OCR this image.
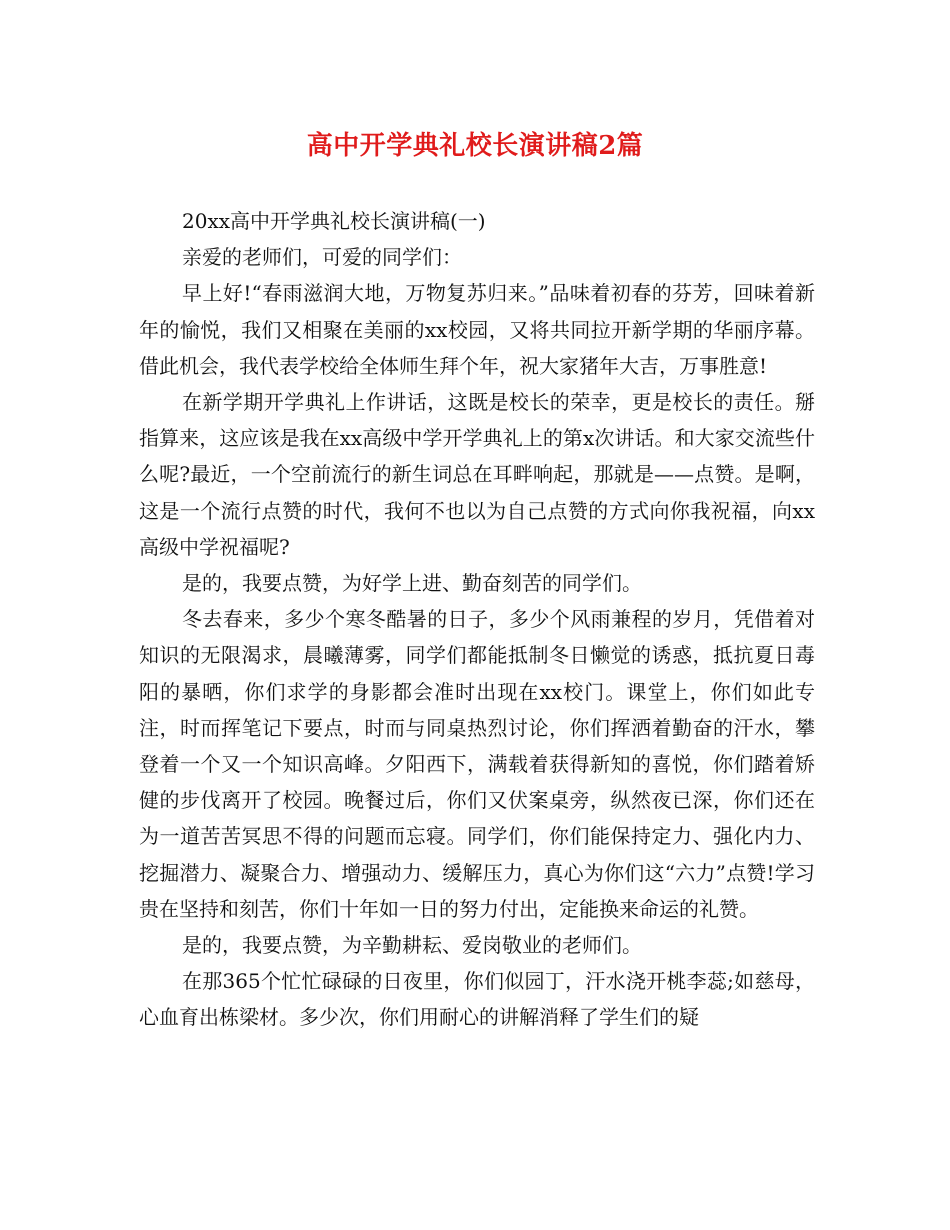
高中开学典礼校长演讲稿2篇

20xx高中开学典礼校长演讲稿(一)

亲爱的老师们，可爱的同学们：

早上好!“春雨滋润大地，万物复苏归来。”品味着初春的芬芳，回味着新年的愉悦，我们又相聚在美丽的xx校园，又将共同拉开新学期的华丽序幕。借此机会，我代表学校给全体师生拜个年，祝大家猪年大吉，万事胜意!

在新学期开学典礼上作讲话，这既是校长的荣幸，更是校长的责任。掰指算来，这应该是我在xx高级中学开学典礼上的第x次讲话。和大家交流些什么呢?最近，一个空前流行的新生词总在耳畔响起，那就是——点赞。是啊，这是一个流行点赞的时代，我何不也以为自己点赞的方式向你我祝福，向xx高级中学祝福呢?

是的，我要点赞，为好学上进、勤奋刻苦的同学们。

冬去春来，多少个寒冬酷暑的日子，多少个风雨兼程的岁月，凭借着对知识的无限渴求，晨曦薄雾，同学们都能抵制冬日懒觉的诱惑，抵抗夏日毒阳的暴晒，你们求学的身影都会准时出现在xx校门。课堂上，你们如此专注，时而挥笔记下要点，时而与同桌热烈讨论，你们挥洒着勤奋的汗水，攀登着一个又一个知识高峰。夕阳西下，满载着获得新知的喜悦，你们踏着矫健的步伐离开了校园。晚餐过后，你们又伏案桌旁，纵然夜已深，你们还在为一道苦苦冥思不得的问题而忘寝。同学们，你们能保持定力、强化内力、挖掘潜力、凝聚合力、增强动力、缓解压力，真心为你们这“六力”点赞!学习贵在坚持和刻苦，你们十年如一日的努力付出，定能换来命运的礼赞。

是的，我要点赞，为辛勤耕耘、爱岗敬业的老师们。

在那365个忙忙碌碌的日夜里，你们似园丁，汗水浇开桃李蕊;如慈母，心血育出栋梁材。多少次，你们用耐心的讲解消释了学生们的疑
